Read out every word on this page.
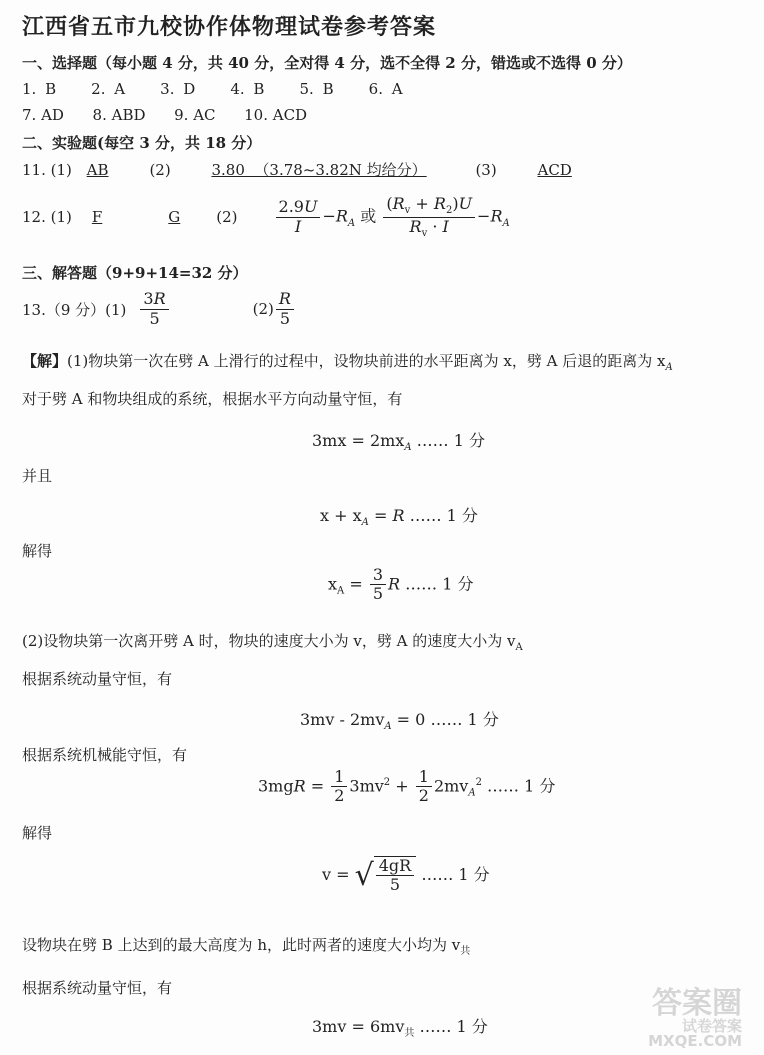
江西省五市九校协作体物理试卷参考答案
一、选择题（每小题 4 分，共 40 分，全对得 4 分，选不全得 2 分，错选或不选得 0 分）
1. B    2. A    3. D    4. B    5. B    6. A
7. AD      8. ABD      9. AC      10. ACD
二、实验题(每空 3 分，共 18 分）
11. (1) AB	(2)	3.80  （3.78~3.82N 均给分）	(3)	ACD
12. (1) F	G $(2) \frac{2.9U}{I} -R_A$ 或 $\frac{(R_v + R_2)U}{R_v \cdot I} -R_A$
三、解答题（9+9+14=32 分）
13.（9 分）$(1) \frac{3R}{5}$	$(2) \frac{R}{5}$
【解】(1)物块第一次在劈 A 上滑行的过程中，设物块前进的水平距离为 x，劈 A 后退的距离为 $x_A$
对于劈 A 和物块组成的系统，根据水平方向动量守恒，有
$3mx = 2mx_A$ …… 1 分
并且
$x + x_A = R$ …… 1 分
解得
$x_A = \frac{3}{5}$ R …… 1 分
(2)设物块第一次离开劈 A 时，物块的速度大小为 v，劈 A 的速度大小为 $v_A$
根据系统动量守恒，有
$3mv - 2mv_A = 0$ …… 1 分
根据系统机械能守恒，有
$3mgR = \frac{1}{2} 3mv^2 + \frac{1}{2} 2mv_A^2$ …… 1 分
解得
v = √ $\frac{4gR}{5}$ …… 1 分
设物块在劈 B 上达到的最大高度为 h，此时两者的速度大小均为 $v_共$
根据系统动量守恒，有
$3mv = 6mv_共$ …… 1 分
答案圈
试卷答案
MXQE.COM
